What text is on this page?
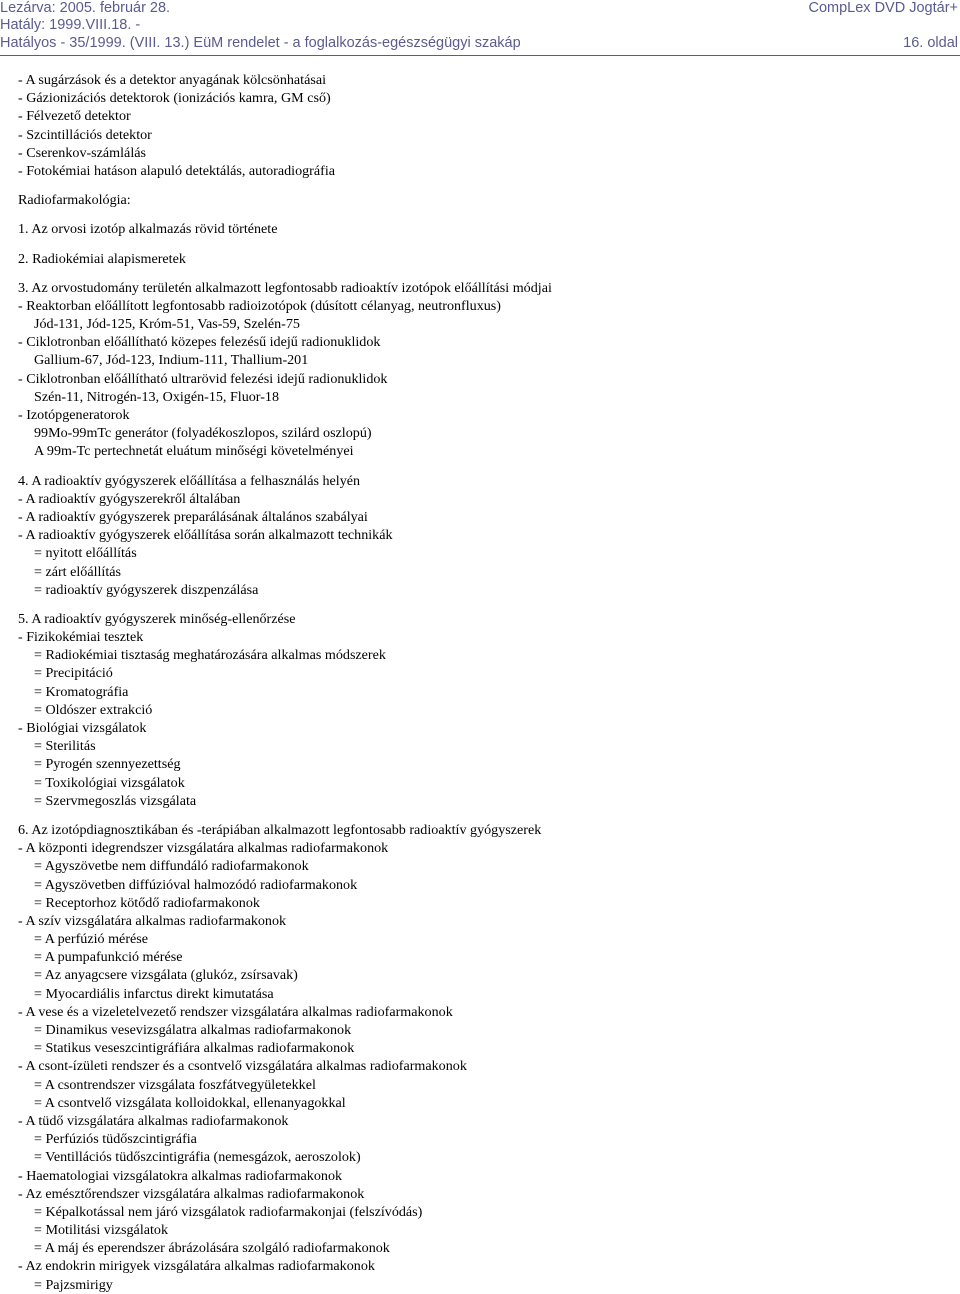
Lezárva: 2005. február 28.	CompLex DVD Jogtár+
Hatály: 1999.VIII.18. -
Hatályos - 35/1999. (VIII. 13.) EüM rendelet - a foglalkozás-egészségügyi szakáp	16. oldal
- A sugárzások és a detektor anyagának kölcsönhatásai
- Gázionizációs detektorok (ionizációs kamra, GM cső)
- Félvezető detektor
- Szcintillációs detektor
- Cserenkov-számlálás
- Fotokémiai hatáson alapuló detektálás, autoradiográfia
Radiofarmakológia:
1. Az orvosi izotóp alkalmazás rövid története
2. Radiokémiai alapismeretek
3. Az orvostudomány területén alkalmazott legfontosabb radioaktív izotópok előállítási módjai
- Reaktorban előállított legfontosabb radioizotópok (dúsított célanyag, neutronfluxus)
Jód-131, Jód-125, Króm-51, Vas-59, Szelén-75
- Ciklotronban előállítható közepes felezésű idejű radionuklidok
Gallium-67, Jód-123, Indium-111, Thallium-201
- Ciklotronban előállítható ultrarövid felezési idejű radionuklidok
Szén-11, Nitrogén-13, Oxigén-15, Fluor-18
- Izotópgeneratorok
99Mo-99mTc generátor (folyadékoszlopos, szilárd oszlopú)
A 99m-Tc pertechnetát eluátum minőségi követelményei
4. A radioaktív gyógyszerek előállítása a felhasználás helyén
- A radioaktív gyógyszerekről általában
- A radioaktív gyógyszerek preparálásának általános szabályai
- A radioaktív gyógyszerek előállítása során alkalmazott technikák
= nyitott előállítás
= zárt előállítás
= radioaktív gyógyszerek diszpenzálása
5. A radioaktív gyógyszerek minőség-ellenőrzése
- Fizikokémiai tesztek
= Radiokémiai tisztaság meghatározására alkalmas módszerek
= Precipitáció
= Kromatográfia
= Oldószer extrakció
- Biológiai vizsgálatok
= Sterilitás
= Pyrogén szennyezettség
= Toxikológiai vizsgálatok
= Szervmegoszlás vizsgálata
6. Az izotópdiagnosztikában és -terápiában alkalmazott legfontosabb radioaktív gyógyszerek
- A központi idegrendszer vizsgálatára alkalmas radiofarmakonok
= Agyszövetbe nem diffundáló radiofarmakonok
= Agyszövetben diffúzióval halmozódó radiofarmakonok
= Receptorhoz kötődő radiofarmakonok
- A szív vizsgálatára alkalmas radiofarmakonok
= A perfúzió mérése
= A pumpafunkció mérése
= Az anyagcsere vizsgálata (glukóz, zsírsavak)
= Myocardiális infarctus direkt kimutatása
- A vese és a vizeletelvezető rendszer vizsgálatára alkalmas radiofarmakonok
= Dinamikus vesevizsgálatra alkalmas radiofarmakonok
= Statikus veseszcintigráfiára alkalmas radiofarmakonok
- A csont-ízületi rendszer és a csontvelő vizsgálatára alkalmas radiofarmakonok
= A csontrendszer vizsgálata foszfátvegyületekkel
= A csontvelő vizsgálata kolloidokkal, ellenanyagokkal
- A tüdő vizsgálatára alkalmas radiofarmakonok
= Perfúziós tüdőszcintigráfia
= Ventillációs tüdőszcintigráfia (nemesgázok, aeroszolok)
- Haematologiai vizsgálatokra alkalmas radiofarmakonok
- Az emésztőrendszer vizsgálatára alkalmas radiofarmakonok
= Képalkotással nem járó vizsgálatok radiofarmakonjai (felszívódás)
= Motilitási vizsgálatok
= A máj és eperendszer ábrázolására szolgáló radiofarmakonok
- Az endokrin mirigyek vizsgálatára alkalmas radiofarmakonok
= Pajzsmirigy
